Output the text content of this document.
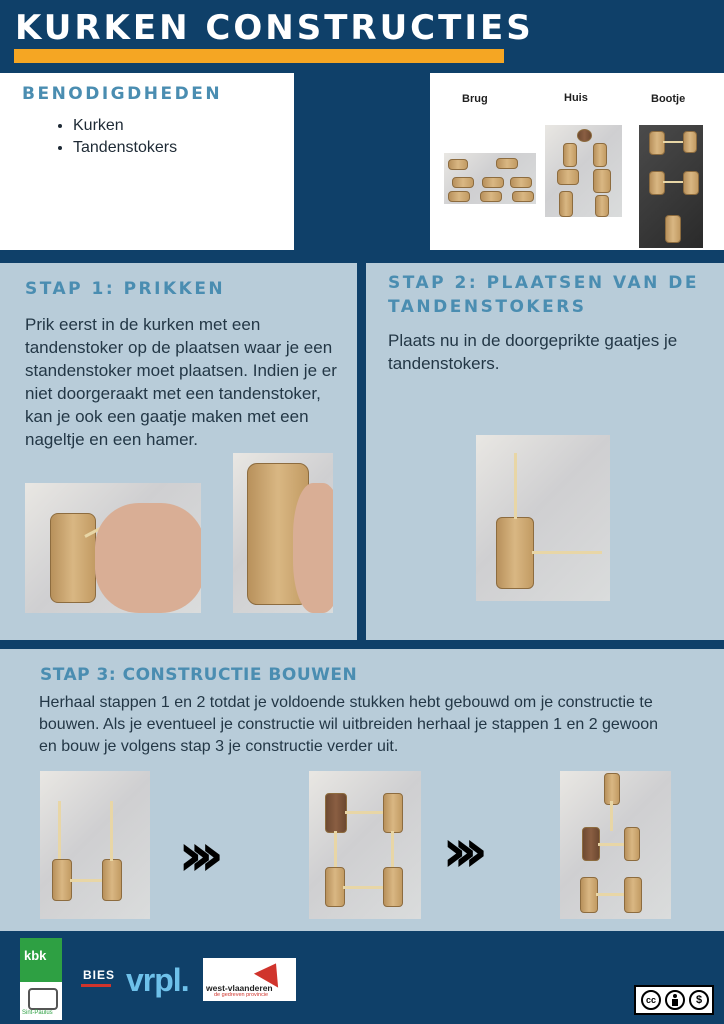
KURKEN CONSTRUCTIES
BENODIGDHEDEN
• Kurken
• Tandenstokers
Brug	Huis	Bootje
STAP 1: PRIKKEN
Prik eerst in de kurken met een tandenstoker op de plaatsen waar je een standenstoker moet plaatsen. Indien je er niet doorgeraakt met een tandenstoker, kan je ook een gaatje maken met een nageltje en een hamer.
STAP 2: PLAATSEN VAN DE
TANDENSTOKERS
Plaats nu in de doorgeprikte gaatjes je tandenstokers.
STAP 3: CONSTRUCTIE BOUWEN
Herhaal stappen 1 en 2 totdat je voldoende stukken hebt gebouwd om je constructie te bouwen. Als je eventueel je constructie wil uitbreiden herhaal je stappen 1 en 2 gewoon en bouw je volgens stap 3 je constructie verder uit.
›››	›››
kbk
Sint-Paulus
BIES vrpl. west-vlaanderen
de gedreven provincie	cc	$
